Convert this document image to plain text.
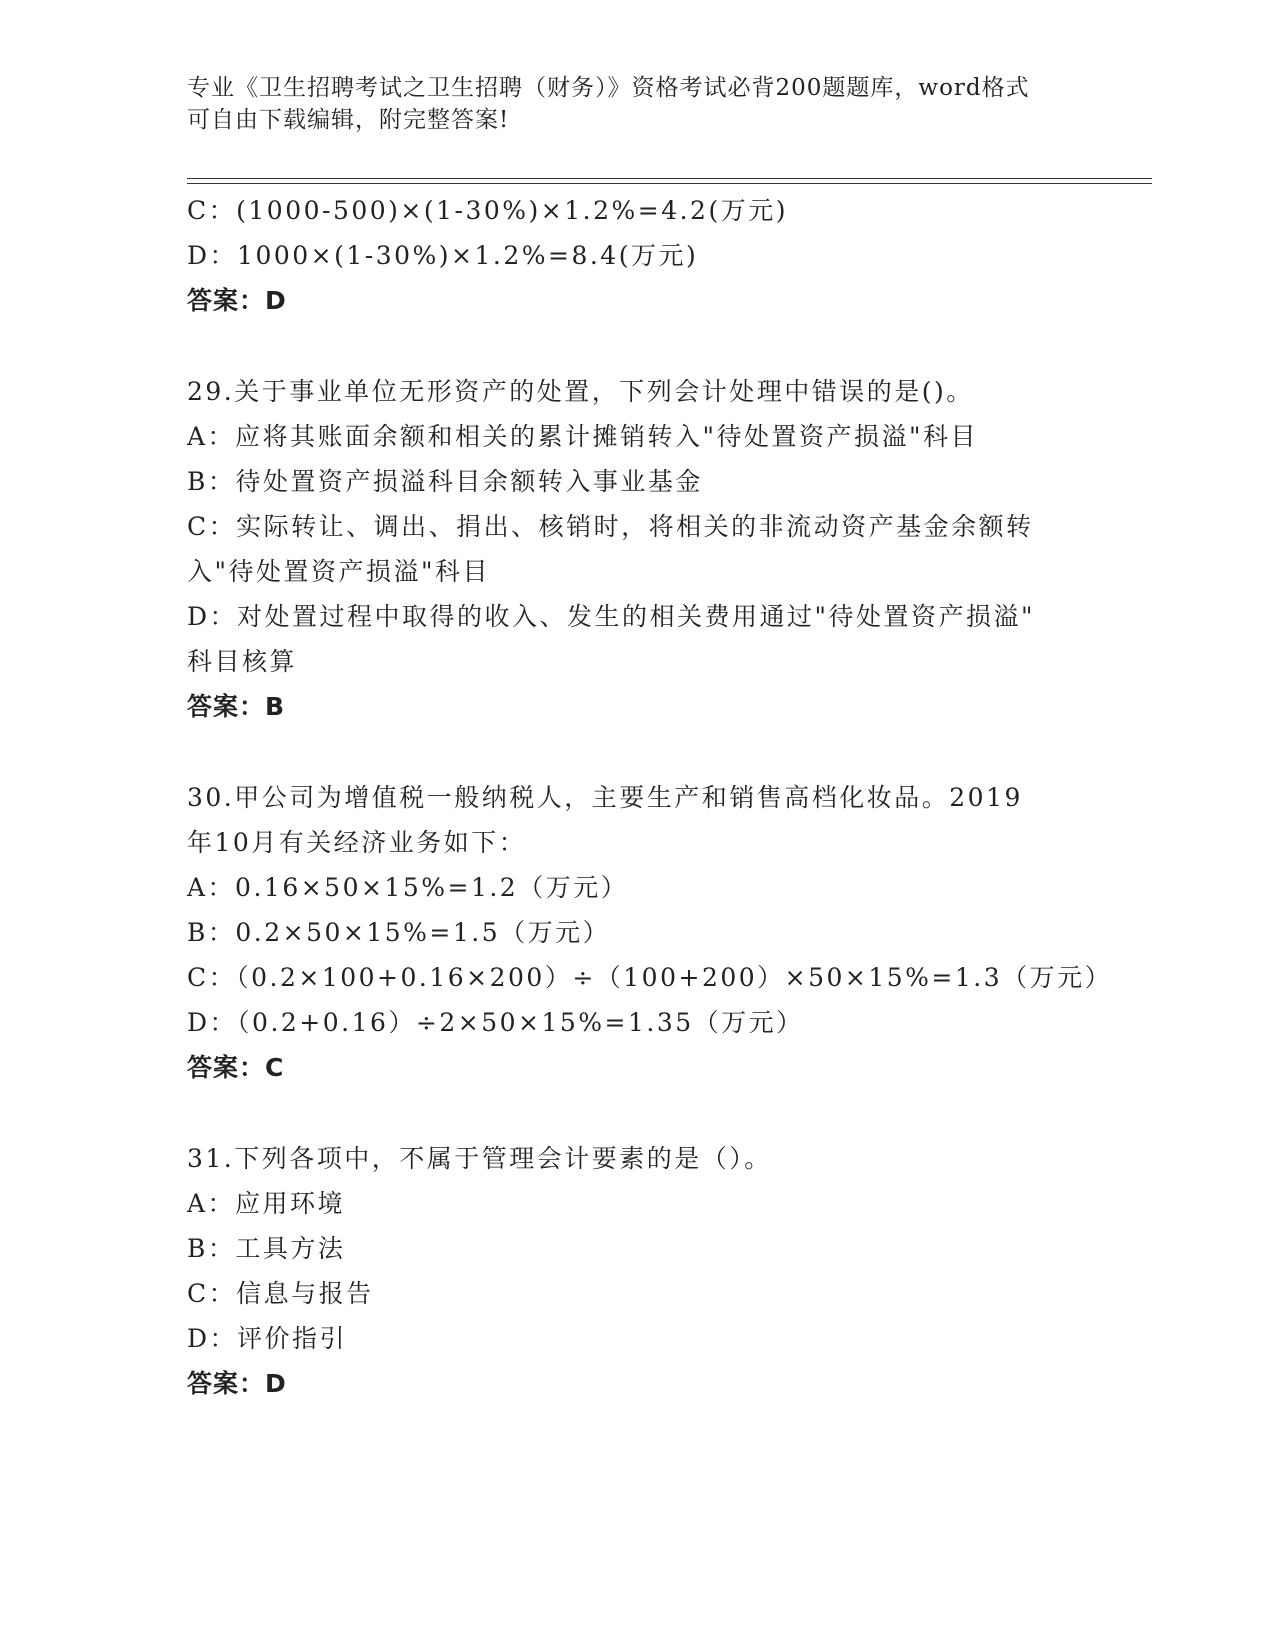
专业《卫生招聘考试之卫生招聘（财务）》资格考试必背200题题库，word格式
可自由下载编辑，附完整答案!
C：(1000-500)×(1-30%)×1.2%=4.2(万元)
D：1000×(1-30%)×1.2%=8.4(万元)
答案：D
29.关于事业单位无形资产的处置，下列会计处理中错误的是()。
A：应将其账面余额和相关的累计摊销转入"待处置资产损溢"科目
B：待处置资产损溢科目余额转入事业基金
C：实际转让、调出、捐出、核销时，将相关的非流动资产基金余额转
入"待处置资产损溢"科目
D：对处置过程中取得的收入、发生的相关费用通过"待处置资产损溢"
科目核算
答案：B
30.甲公司为增值税一般纳税人，主要生产和销售高档化妆品。2019
年10月有关经济业务如下：
A：0.16×50×15%=1.2（万元）
B：0.2×50×15%=1.5（万元）
C：（0.2×100+0.16×200）÷（100+200）×50×15%=1.3（万元）
D：（0.2+0.16）÷2×50×15%=1.35（万元）
答案：C
31.下列各项中，不属于管理会计要素的是（）。
A：应用环境
B：工具方法
C：信息与报告
D：评价指引
答案：D
